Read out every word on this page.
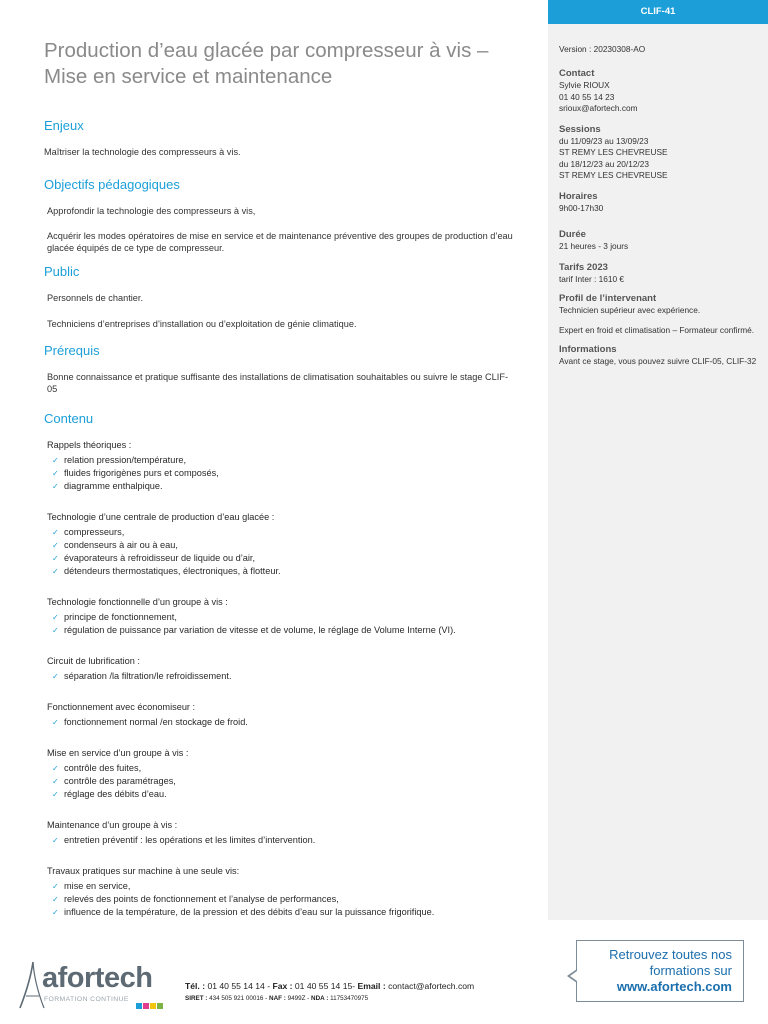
Production d’eau glacée par compresseur à vis – Mise en service et maintenance
Enjeux

Maîtriser la technologie des compresseurs à vis.

Objectifs pédagogiques

Approfondir la technologie des compresseurs à vis,

Acquérir les modes opératoires de mise en service et de maintenance préventive des groupes de production d’eau glacée équipés de ce type de compresseur.

Public

Personnels de chantier.

Techniciens d’entreprises d’installation ou d’exploitation de génie climatique.

Prérequis

Bonne connaissance et pratique suffisante des installations de climatisation souhaitables ou suivre le stage CLIF-05

Contenu
Rappels théoriques :
✓ relation pression/température,
✓ fluides frigorigènes purs et composés,
✓ diagramme enthalpique.
Technologie d’une centrale de production d’eau glacée :
✓ compresseurs,
✓ condenseurs à air ou à eau,
✓ évaporateurs à refroidisseur de liquide ou d’air,
✓ détendeurs thermostatiques, électroniques, à flotteur.
Technologie fonctionnelle d’un groupe à vis :
✓ principe de fonctionnement,
✓ régulation de puissance par variation de vitesse et de volume, le réglage de Volume Interne (VI).
Circuit de lubrification :
✓ séparation /la filtration/le refroidissement.
Fonctionnement avec économiseur :
✓ fonctionnement normal /en stockage de froid.
Mise en service d’un groupe à vis :
✓ contrôle des fuites,
✓ contrôle des paramétrages,
✓ réglage des débits d’eau.
Maintenance d’un groupe à vis :
✓ entretien préventif : les opérations et les limites d’intervention.
Travaux pratiques sur machine à une seule vis:
✓ mise en service,
✓ relevés des points de fonctionnement et l’analyse de performances,
✓ influence de la température, de la pression et des débits d’eau sur la puissance frigorifique.
CLIF-41
Version : 20230308-AO
Contact
Sylvie RIOUX
01 40 55 14 23
srioux@afortech.com
Sessions
du 11/09/23 au 13/09/23
ST REMY LES CHEVREUSE
du 18/12/23 au 20/12/23
ST REMY LES CHEVREUSE
Horaires
9h00-17h30
Durée
21 heures - 3 jours
Tarifs 2023
tarif Inter : 1610 €
Profil de l’intervenant
Technicien supérieur avec expérience.
Expert en froid et climatisation – Formateur confirmé.
Informations
Avant ce stage, vous pouvez suivre CLIF-05, CLIF-32
afortech
FORMATION CONTINUE
Tél. : 01 40 55 14 14 - Fax : 01 40 55 14 15- Email : contact@afortech.com
SIRET : 434 505 921 00016 - NAF : 9499Z - NDA : 11753470975
Retrouvez toutes nos
formations sur
www.afortech.com
